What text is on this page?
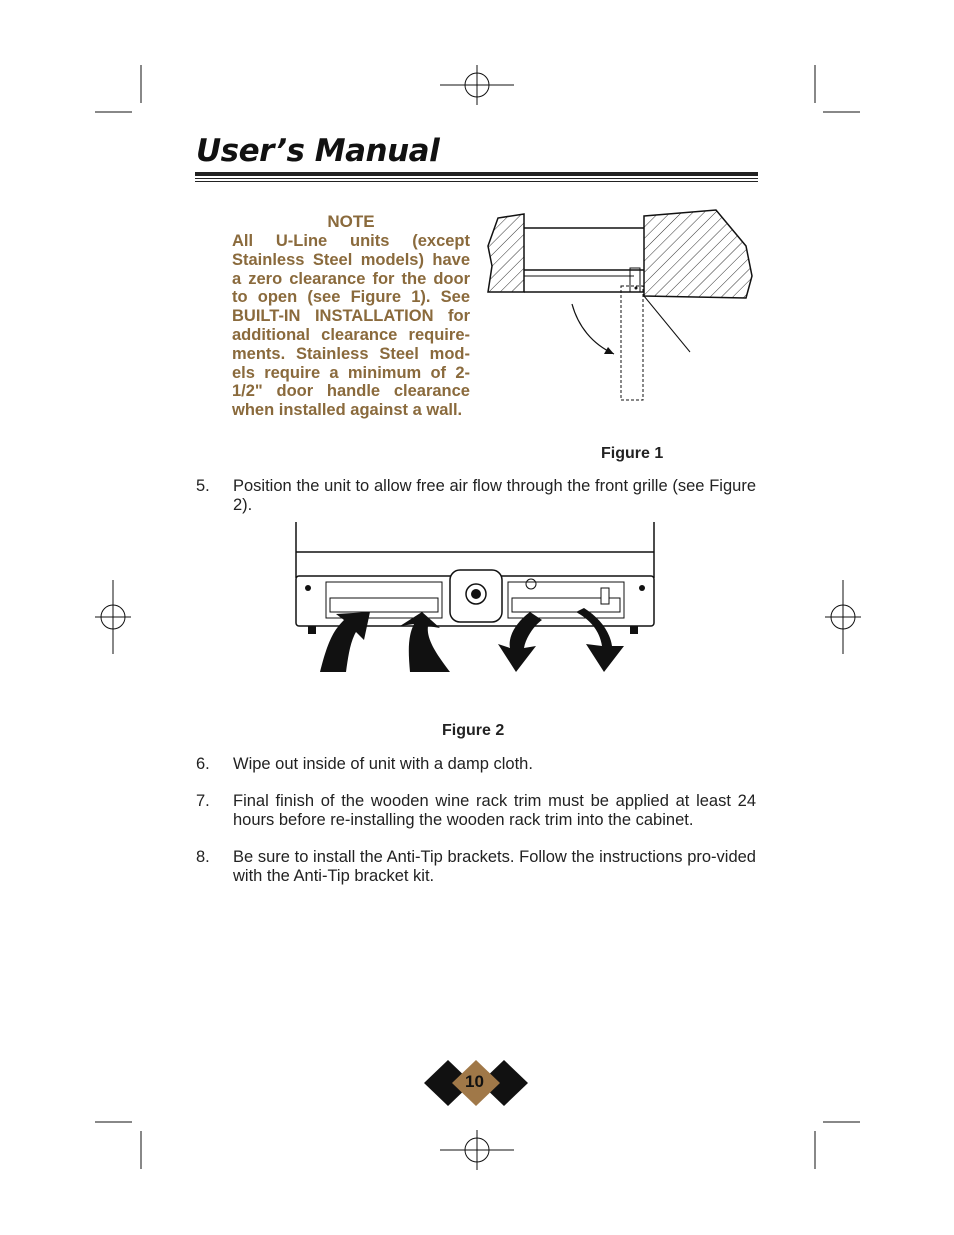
User’s Manual
NOTE
All U-Line units (except Stainless Steel models) have a zero clearance for the door to open (see Figure 1). See BUILT-IN INSTALLATION for additional clearance require-ments. Stainless Steel mod-els require a minimum of 2-1/2" door handle clearance when installed against a wall.
Figure 1
5.	Position the unit to allow free air flow through the front grille (see Figure 2).
Figure 2
6.	Wipe out inside of unit with a damp cloth.
7.	Final finish of the wooden wine rack trim must be applied at least 24 hours before re-installing the wooden rack trim into the cabinet.
8.	Be sure to install the Anti-Tip brackets. Follow the instructions pro-vided with the Anti-Tip bracket kit.
10
